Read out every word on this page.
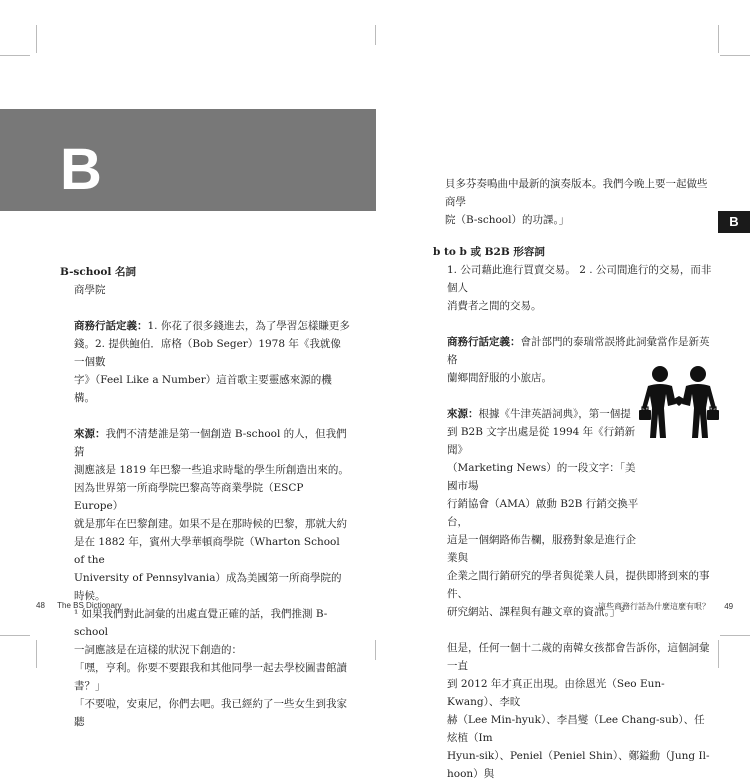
B

B-school 名詞

商學院

商務行話定義：1. 你花了很多錢進去，為了學習怎樣賺更多

錢。2. 提供鮑伯．席格（Bob Seger）1978 年《我就像一個數

字》（Feel Like a Number）這首歌主要靈感來源的機構。

來源：我們不清楚誰是第一個創造 B-school 的人，但我們猜

測應該是 1819 年巴黎一些追求時髦的學生所創造出來的。

因為世界第一所商學院巴黎高等商業學院（ESCP Europe）

就是那年在巴黎創建。如果不是在那時候的巴黎，那就大約

是在 1882 年，賓州大學華頓商學院（Wharton School of the

University of Pennsylvania）成為美國第一所商學院的時候。

¹ 如果我們對此詞彙的出處直覺正確的話，我們推測 B-school

一詞應該是在這樣的狀況下創造的：

「嘿，亨利。你要不要跟我和其他同學一起去學校圖書館讀

書？」

「不要啦，安東尼，你們去吧。我已經約了一些女生到我家聽

48 The BS Dictionary
B

貝多芬奏鳴曲中最新的演奏版本。我們今晚上要一起做些商學

院（B-school）的功課。」

b to b 或 B2B 形容詞

1. 公司藉此進行買賣交易。 2 . 公司間進行的交易，而非個人

消費者之間的交易。

商務行話定義：會計部門的泰瑞常誤將此詞彙當作是新英格

蘭鄉間舒服的小旅店。

來源：根據《牛津英語詞典》，第一個提

到 B2B 文字出處是從 1994 年《行銷新聞》

（Marketing News）的一段文字：「美國市場

行銷協會（AMA）啟動 B2B 行銷交換平台，

這是一個網路佈告欄，服務對象是進行企業與

企業之間行銷研究的學者與從業人員，提供即將到來的事件、

研究網站、課程與有趣文章的資訊。」²

但是，任何一個十二歲的南韓女孩都會告訴你，這個詞彙一直

到 2012 年才真正出現。由徐恩光（Seo Eun-Kwang）、李旼

赫（Lee Min-hyuk）、李昌燮（Lee Chang-sub）、任炫植（Im

Hyun-sik）、Peniel（Peniel Shin）、鄭鎰勳（Jung Il-hoon）與

這些商務行話為什麼這麼有哏？ 49
